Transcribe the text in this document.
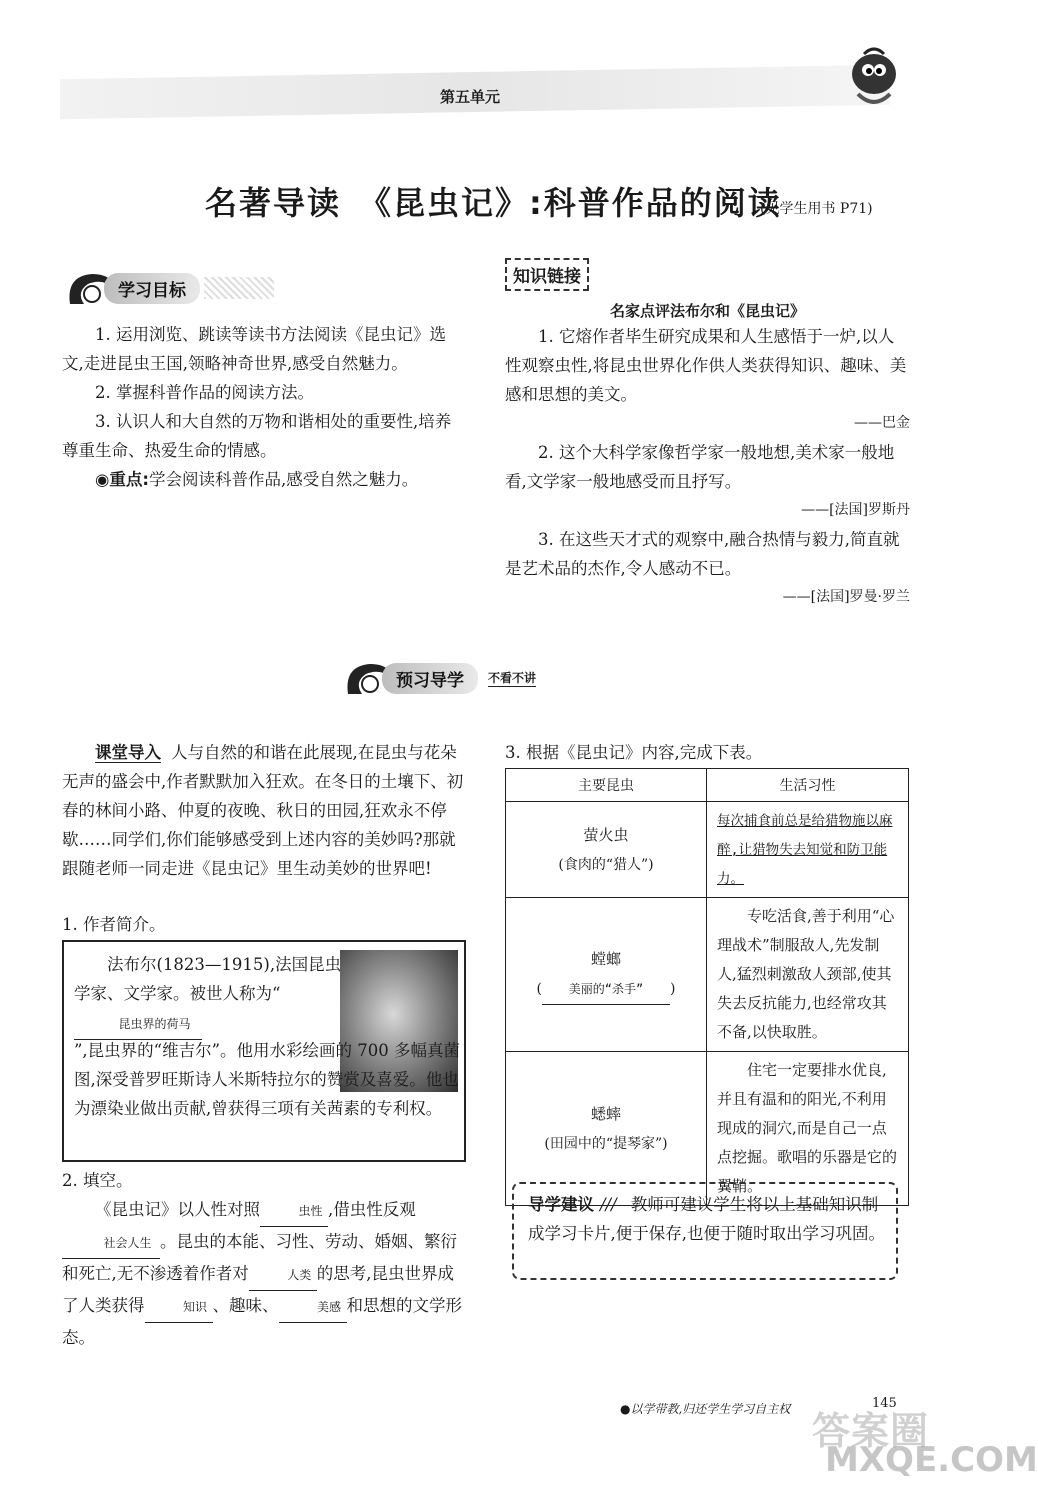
第五单元
名著导读　《昆虫记》:科普作品的阅读
(见学生用书 P71)
学习目标

1. 运用浏览、跳读等读书方法阅读《昆虫记》选文,走进昆虫王国,领略神奇世界,感受自然魅力。

2. 掌握科普作品的阅读方法。

3. 认识人和大自然的万物和谐相处的重要性,培养尊重生命、热爱生命的情感。

◉重点:学会阅读科普作品,感受自然之魅力。

知识链接
名家点评法布尔和《昆虫记》

1. 它熔作者毕生研究成果和人生感悟于一炉,以人性观察虫性,将昆虫世界化作供人类获得知识、趣味、美感和思想的美文。

——巴金

2. 这个大科学家像哲学家一般地想,美术家一般地看,文学家一般地感受而且抒写。

——[法国]罗斯丹

3. 在这些天才式的观察中,融合热情与毅力,简直就是艺术品的杰作,令人感动不已。

——[法国]罗曼·罗兰

预习导学	不看不讲

课堂导入 人与自然的和谐在此展现,在昆虫与花朵无声的盛会中,作者默默加入狂欢。在冬日的土壤下、初春的林间小路、仲夏的夜晚、秋日的田园,狂欢永不停歇……同学们,你们能够感受到上述内容的美妙吗?那就跟随老师一同走进《昆虫记》里生动美妙的世界吧!

1. 作者简介。

法布尔(1823—1915),法国昆虫学家、文学家。被世人称为“昆虫界的荷马

”,昆虫界的“维吉尔”。他用水彩绘画的 700 多幅真菌图,深受普罗旺斯诗人米斯特拉尔的赞赏及喜爱。他也为漂染业做出贡献,曾获得三项有关茜素的专利权。

2. 填空。

《昆虫记》以人性对照	虫性 ,借虫性反观社会人生 。昆虫的本能、习性、劳动、婚姻、繁衍和死亡,无不渗透着作者对	人类 的思考,昆虫世界成了人类获得	知识 、趣味、	美感 和思想的文学形态。

3. 根据《昆虫记》内容,完成下表。
主要昆虫	生活习性

萤火虫
(食肉的“猎人”)	每次捕食前总是给猎物施以麻醉,让猎物失去知觉和防卫能力。

螳螂
( 美丽的“杀手” )	专吃活食,善于利用“心理战术”制服敌人,先发制人,猛烈刺激敌人颈部,使其失去反抗能力,也经常攻其不备,以快取胜。

蟋蟀
(田园中的“提琴家”)	住宅一定要排水优良,并且有温和的阳光,不利用现成的洞穴,而是自己一点点挖掘。歌唱的乐器是它的翼鞘。

导学建议 /// 教师可建议学生将以上基础知识制成学习卡片,便于保存,也便于随时取出学习巩固。

答案圈
MXQE.COM
●以学带教,归还学生学习自主权	145
